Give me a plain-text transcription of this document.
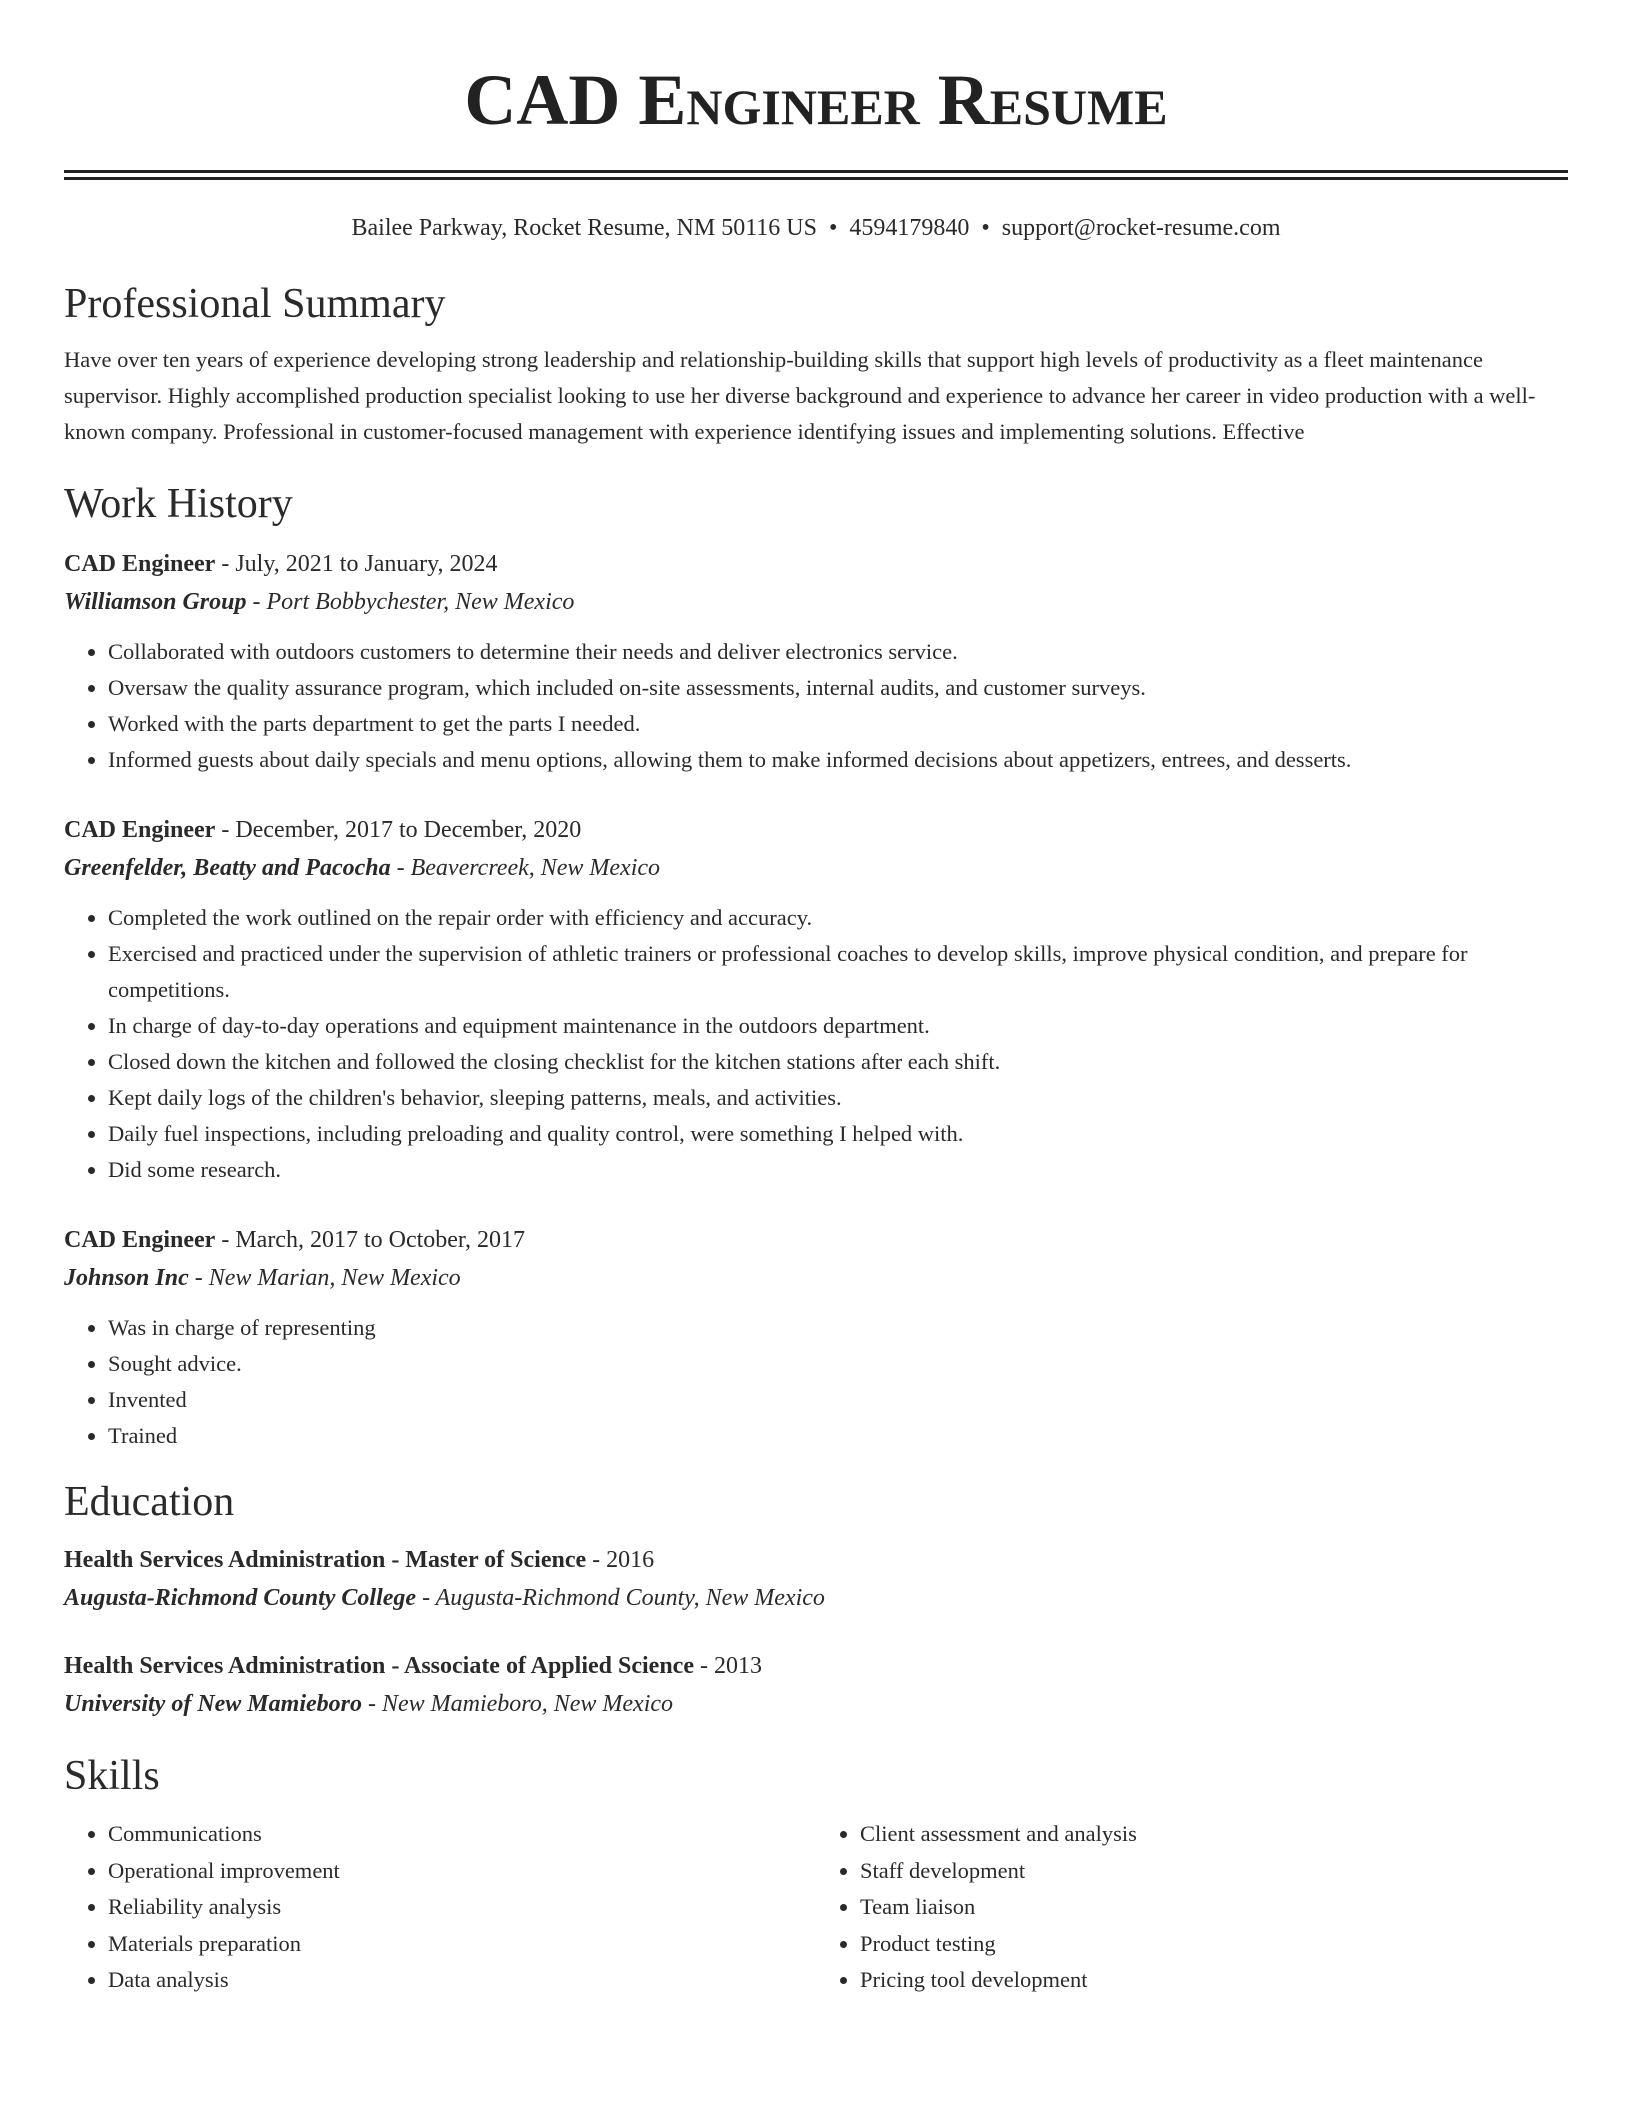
CAD Engineer Resume
Bailee Parkway, Rocket Resume, NM 50116 US • 4594179840 • support@rocket-resume.com
Professional Summary

Have over ten years of experience developing strong leadership and relationship-building skills that support high levels of productivity as a fleet maintenance supervisor. Highly accomplished production specialist looking to use her diverse background and experience to advance her career in video production with a well-known company. Professional in customer-focused management with experience identifying issues and implementing solutions. Effective

Work History
CAD Engineer - July, 2021 to January, 2024
Williamson Group - Port Bobbychester, New Mexico
• Collaborated with outdoors customers to determine their needs and deliver electronics service.
• Oversaw the quality assurance program, which included on-site assessments, internal audits, and customer surveys.
• Worked with the parts department to get the parts I needed.
• Informed guests about daily specials and menu options, allowing them to make informed decisions about appetizers, entrees, and desserts.
CAD Engineer - December, 2017 to December, 2020
Greenfelder, Beatty and Pacocha - Beavercreek, New Mexico
• Completed the work outlined on the repair order with efficiency and accuracy.
• Exercised and practiced under the supervision of athletic trainers or professional coaches to develop skills, improve physical condition, and prepare for competitions.
• In charge of day-to-day operations and equipment maintenance in the outdoors department.
• Closed down the kitchen and followed the closing checklist for the kitchen stations after each shift.
• Kept daily logs of the children's behavior, sleeping patterns, meals, and activities.
• Daily fuel inspections, including preloading and quality control, were something I helped with.
• Did some research.
CAD Engineer - March, 2017 to October, 2017
Johnson Inc - New Marian, New Mexico
• Was in charge of representing
• Sought advice.
• Invented
• Trained
Education
Health Services Administration - Master of Science - 2016
Augusta-Richmond County College - Augusta-Richmond County, New Mexico
Health Services Administration - Associate of Applied Science - 2013
University of New Mamieboro - New Mamieboro, New Mexico
Skills
• Communications
• Operational improvement
• Reliability analysis
• Materials preparation
• Data analysis
• Client assessment and analysis
• Staff development
• Team liaison
• Product testing
• Pricing tool development
